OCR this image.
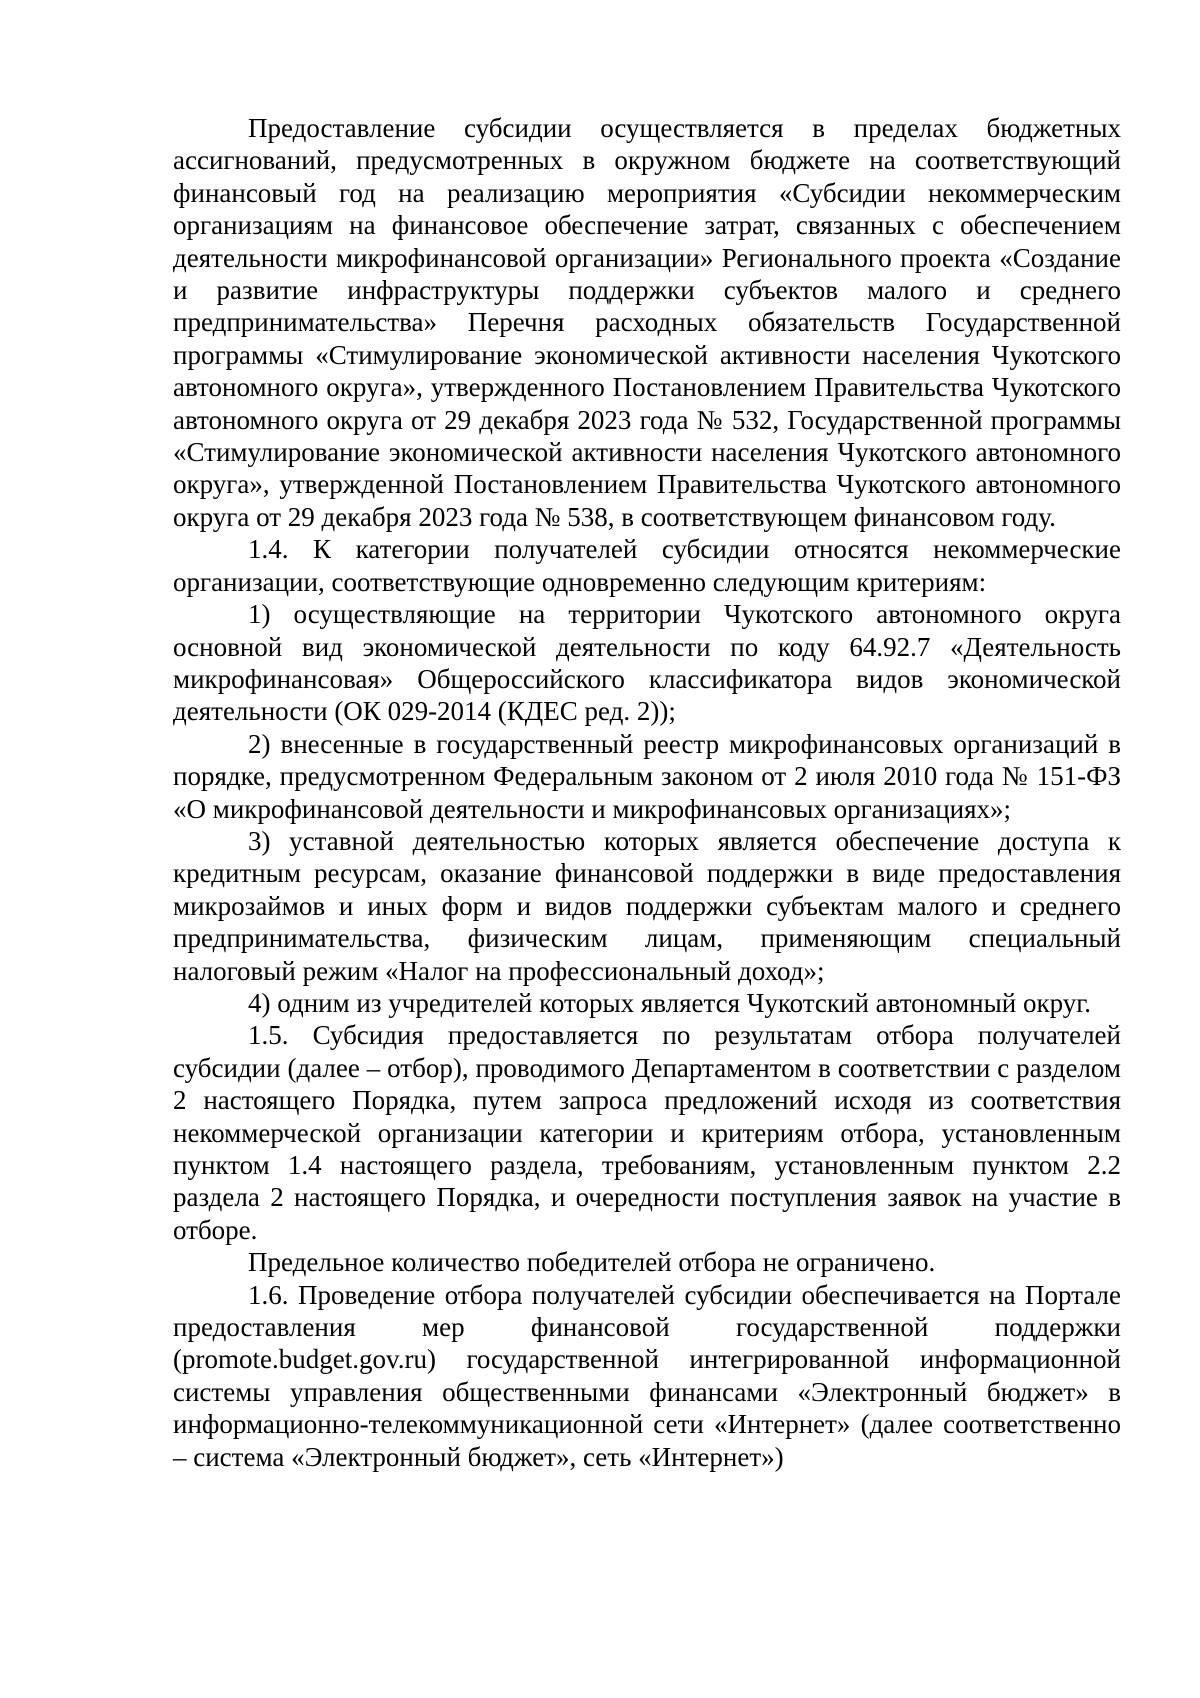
Предоставление субсидии осуществляется в пределах бюджетных ассигнований, предусмотренных в окружном бюджете на соответствующий финансовый год на реализацию мероприятия «Субсидии некоммерческим организациям на финансовое обеспечение затрат, связанных с обеспечением деятельности микрофинансовой организации» Регионального проекта «Создание и развитие инфраструктуры поддержки субъектов малого и среднего предпринимательства» Перечня расходных обязательств Государственной программы «Стимулирование экономической активности населения Чукотского автономного округа», утвержденного Постановлением Правительства Чукотского автономного округа от 29 декабря 2023 года № 532, Государственной программы «Стимулирование экономической активности населения Чукотского автономного округа», утвержденной Постановлением Правительства Чукотского автономного округа от 29 декабря 2023 года № 538, в соответствующем финансовом году.

1.4. К категории получателей субсидии относятся некоммерческие организации, соответствующие одновременно следующим критериям:

1) осуществляющие на территории Чукотского автономного округа основной вид экономической деятельности по коду 64.92.7 «Деятельность микрофинансовая» Общероссийского классификатора видов экономической деятельности (ОК 029-2014 (КДЕС ред. 2));

2) внесенные в государственный реестр микрофинансовых организаций в порядке, предусмотренном Федеральным законом от 2 июля 2010 года № 151-ФЗ «О микрофинансовой деятельности и микрофинансовых организациях»;

3) уставной деятельностью которых является обеспечение доступа к кредитным ресурсам, оказание финансовой поддержки в виде предоставления микрозаймов и иных форм и видов поддержки субъектам малого и среднего предпринимательства, физическим лицам, применяющим специальный налоговый режим «Налог на профессиональный доход»;

4) одним из учредителей которых является Чукотский автономный округ.

1.5. Субсидия предоставляется по результатам отбора получателей субсидии (далее – отбор), проводимого Департаментом в соответствии с разделом 2 настоящего Порядка, путем запроса предложений исходя из соответствия некоммерческой организации категории и критериям отбора, установленным пунктом 1.4 настоящего раздела, требованиям, установленным пунктом 2.2 раздела 2 настоящего Порядка, и очередности поступления заявок на участие в отборе.

Предельное количество победителей отбора не ограничено.

1.6. Проведение отбора получателей субсидии обеспечивается на Портале предоставления мер финансовой государственной поддержки (promote.budget.gov.ru) государственной интегрированной информационной системы управления общественными финансами «Электронный бюджет» в информационно-телекоммуникационной сети «Интернет» (далее соответственно – система «Электронный бюджет», сеть «Интернет»)
